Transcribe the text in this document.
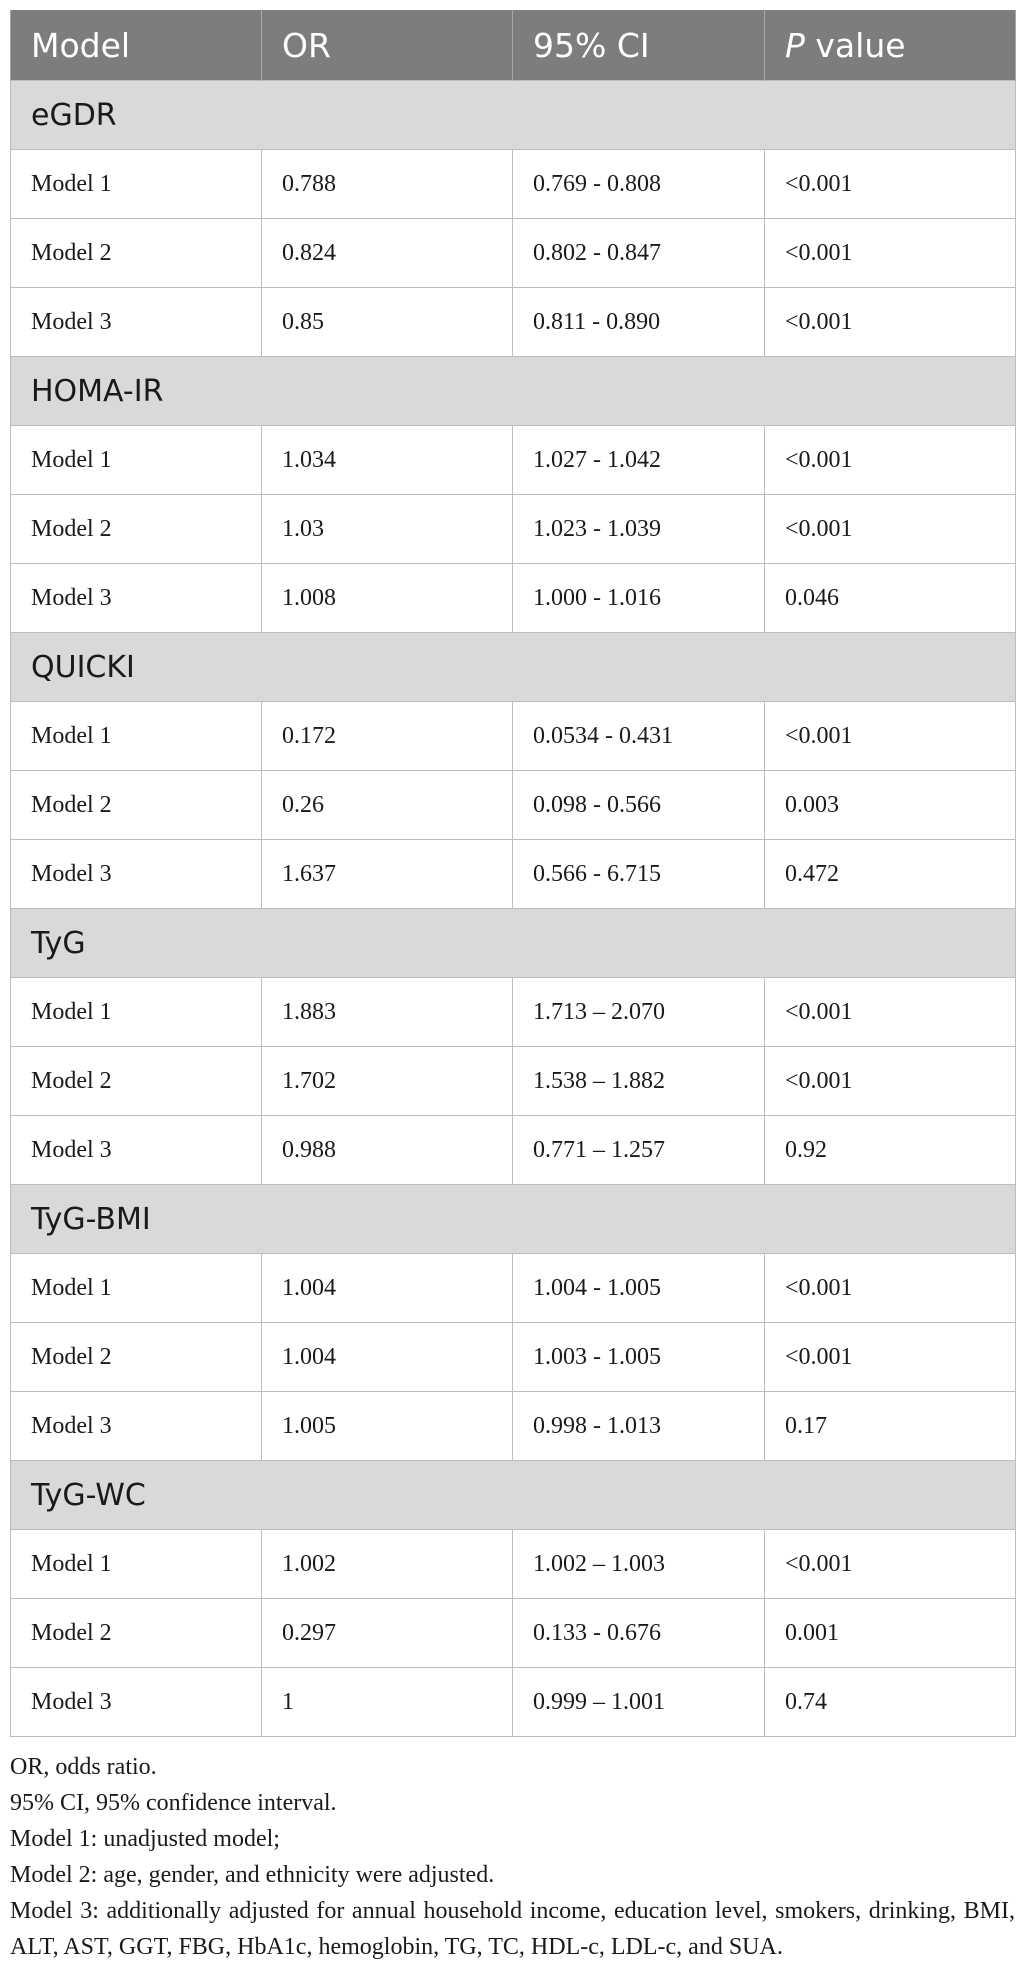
Model	OR	95% CI	P value
eGDR			
Model 1	0.788	0.769 - 0.808	<0.001
Model 2	0.824	0.802 - 0.847	<0.001
Model 3	0.85	0.811 - 0.890	<0.001
HOMA-IR			
Model 1	1.034	1.027 - 1.042	<0.001
Model 2	1.03	1.023 - 1.039	<0.001
Model 3	1.008	1.000 - 1.016	0.046
QUICKI			
Model 1	0.172	0.0534 - 0.431	<0.001
Model 2	0.26	0.098 - 0.566	0.003
Model 3	1.637	0.566 - 6.715	0.472
TyG			
Model 1	1.883	1.713 – 2.070	<0.001
Model 2	1.702	1.538 – 1.882	<0.001
Model 3	0.988	0.771 – 1.257	0.92
TyG-BMI			
Model 1	1.004	1.004 - 1.005	<0.001
Model 2	1.004	1.003 - 1.005	<0.001
Model 3	1.005	0.998 - 1.013	0.17
TyG-WC			
Model 1	1.002	1.002 – 1.003	<0.001
Model 2	0.297	0.133 - 0.676	0.001
Model 3	1	0.999 – 1.001	0.74
OR, odds ratio.
95% CI, 95% confidence interval.
Model 1: unadjusted model;
Model 2: age, gender, and ethnicity were adjusted.
Model 3: additionally adjusted for annual household income, education level, smokers, drinking, BMI, ALT, AST, GGT, FBG, HbA1c, hemoglobin, TG, TC, HDL-c, LDL-c, and SUA.
